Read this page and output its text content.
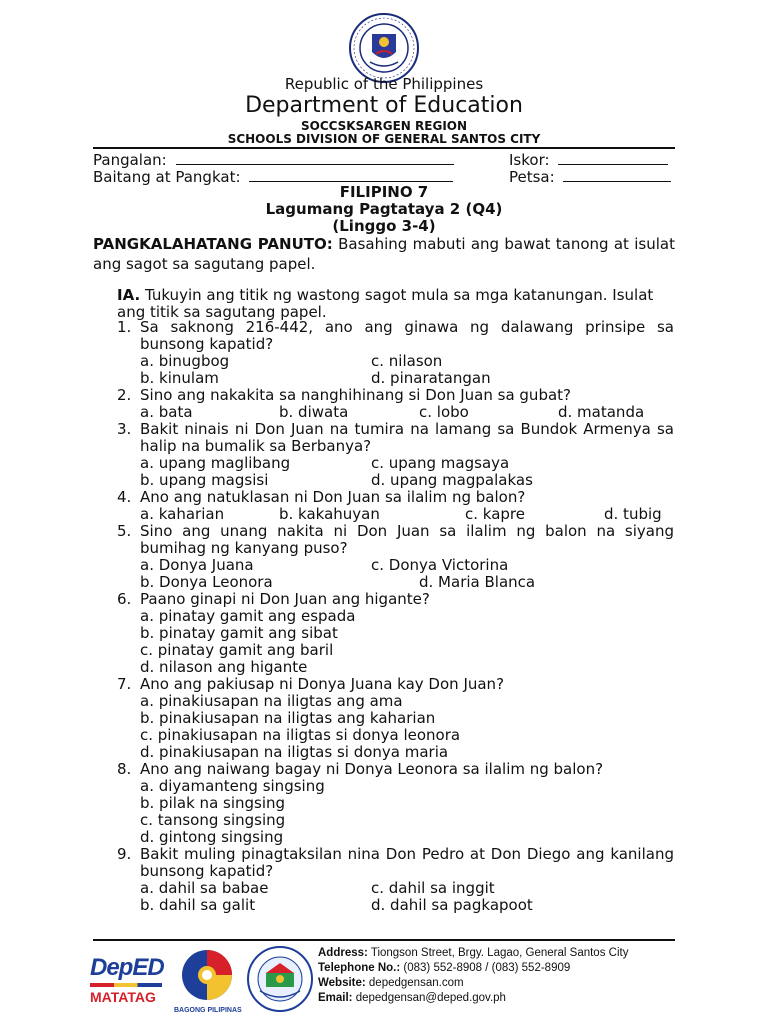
Republic of the Philippines
Department of Education
SOCCSKSARGEN REGION
SCHOOLS DIVISION OF GENERAL SANTOS CITY
Pangalan:	Iskor:
Baitang at Pangkat:	Petsa:
FILIPINO 7
Lagumang Pagtataya 2 (Q4)
(Linggo 3-4)
PANGKALAHATANG PANUTO: Basahing mabuti ang bawat tanong at isulat ang sagot sa sagutang papel.
IA. Tukuyin ang titik ng wastong sagot mula sa mga katanungan. Isulat ang titik sa sagutang papel.
1. Sa saknong 216-442, ano ang ginawa ng dalawang prinsipe sa bunsong kapatid?
a. binugbog	c. nilason
b. kinulam	d. pinaratangan
2. Sino ang nakakita sa nanghihinang si Don Juan sa gubat?
a. bata	b. diwata	c. lobo	d. matanda
3. Bakit ninais ni Don Juan na tumira na lamang sa Bundok Armenya sa halip na bumalik sa Berbanya?
a. upang maglibang	c. upang magsaya
b. upang magsisi	d. upang magpalakas
4. Ano ang natuklasan ni Don Juan sa ilalim ng balon?
a. kaharian	b. kakahuyan	c. kapre	d. tubig
5. Sino ang unang nakita ni Don Juan sa ilalim ng balon na siyang bumihag ng kanyang puso?
a. Donya Juana	c. Donya Victorina
b. Donya Leonora	d. Maria Blanca
6. Paano ginapi ni Don Juan ang higante?
a. pinatay gamit ang espada
b. pinatay gamit ang sibat
c. pinatay gamit ang baril
d. nilason ang higante
7. Ano ang pakiusap ni Donya Juana kay Don Juan?
a. pinakiusapan na iligtas ang ama
b. pinakiusapan na iligtas ang kaharian
c. pinakiusapan na iligtas si donya leonora
d. pinakiusapan na iligtas si donya maria
8. Ano ang naiwang bagay ni Donya Leonora sa ilalim ng balon?
a. diyamanteng singsing
b. pilak na singsing
c. tansong singsing
d. gintong singsing
9. Bakit muling pinagtaksilan nina Don Pedro at Don Diego ang kanilang bunsong kapatid?
a. dahil sa babae	c. dahil sa inggit
b. dahil sa galit	d. dahil sa pagkapoot
DepED
MATATAG
BAGONG PILIPINAS
Address: Tiongson Street, Brgy. Lagao, General Santos City
Telephone No.: (083) 552-8908 / (083) 552-8909
Website: depedgensan.com
Email: depedgensan@deped.gov.ph
